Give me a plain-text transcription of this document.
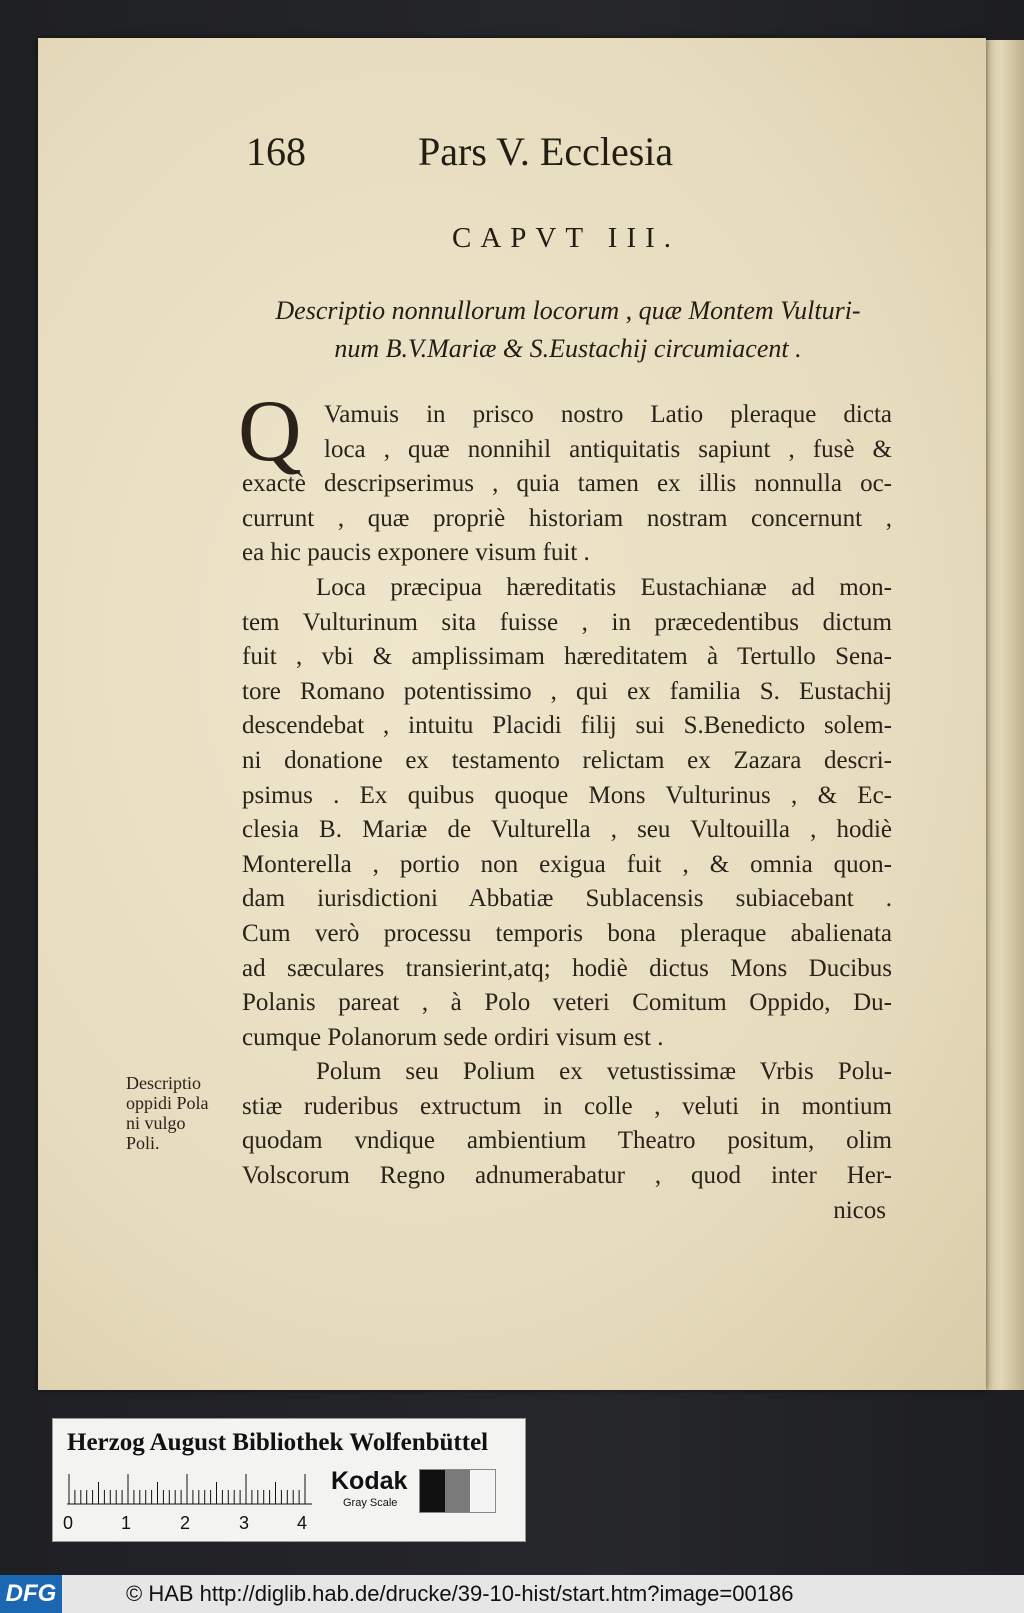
168	Pars V. Ecclesia
CAPVT III.
Descriptio nonnullorum locorum , quæ Montem Vulturi-
num B.V.Mariæ & S.Eustachij circumiacent .
Q Vamuis in prisco nostro Latio pleraque dicta
loca , quæ nonnihil antiquitatis sapiunt , fusè &
exactè descripserimus , quia tamen ex illis nonnulla oc-
currunt , quæ propriè historiam nostram concernunt ,
ea hic paucis exponere visum fuit .
Loca præcipua hæreditatis Eustachianæ ad mon-
tem Vulturinum sita fuisse , in præcedentibus dictum
fuit , vbi & amplissimam hæreditatem à Tertullo Sena-
tore Romano potentissimo , qui ex familia S. Eustachij
descendebat , intuitu Placidi filij sui S.Benedicto solem-
ni donatione ex testamento relictam ex Zazara descri-
psimus . Ex quibus quoque Mons Vulturinus , & Ec-
clesia B. Mariæ de Vulturella , seu Vultouilla , hodiè
Monterella , portio non exigua fuit , & omnia quon-
dam iurisdictioni Abbatiæ Sublacensis subiacebant .
Cum verò processu temporis bona pleraque abalienata
ad sæculares transierint,atq; hodiè dictus Mons Ducibus
Polanis pareat , à Polo veteri Comitum Oppido, Du-
cumque Polanorum sede ordiri visum est .
Polum seu Polium ex vetustissimæ Vrbis Polu-
stiæ ruderibus extructum in colle , veluti in montium
quodam vndique ambientium Theatro positum, olim
Volscorum Regno adnumerabatur , quod inter Her-
nicos
Descriptio
oppidi Pola
ni vulgo
Poli.
Herzog August Bibliothek Wolfenbüttel
0	1	2	3	4
Kodak
Gray Scale
DFG	© HAB http://diglib.hab.de/drucke/39-10-hist/start.htm?image=00186
